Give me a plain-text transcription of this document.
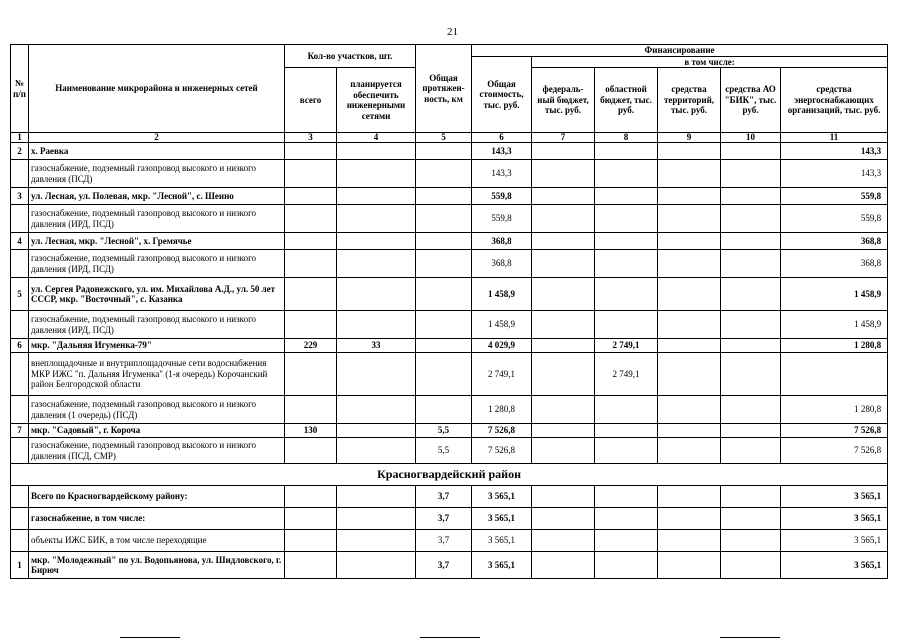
21
№ п/п	Наименование микрорайона и инженерных сетей	Кол-во участков, шт.		Общая протяжен-ность, км	Финансирование					
					Общая стоимость, тыс. руб.	в том числе:				
		всего	планируется обеспечить инженерными сетями			федераль-ный бюджет, тыс. руб.	областной бюджет, тыс. руб.	средства территорий, тыс. руб.	средства АО "БИК", тыс. руб.	средства энергоснабжающих организаций, тыс. руб.
1	2	3	4	5	6	7	8	9	10	11
2	х. Раевка				143,3					143,3
	газоснабжение, подземный газопровод высокого и низкого давления (ПСД)				143,3					143,3
3	ул. Лесная, ул. Полевая, мкр. "Лесной", с. Шеино				559,8					559,8
	газоснабжение, подземный газопровод высокого и низкого давления (ИРД, ПСД)				559,8					559,8
4	ул. Лесная, мкр. "Лесной", х. Гремячье				368,8					368,8
	газоснабжение, подземный газопровод высокого и низкого давления (ИРД, ПСД)				368,8					368,8
5	ул. Сергея Радонежского, ул. им. Михайлова А.Д., ул. 50 лет СССР, мкр. "Восточный", с. Казанка				1 458,9					1 458,9
	газоснабжение, подземный газопровод высокого и низкого давления (ИРД, ПСД)				1 458,9					1 458,9
6	мкр. "Дальняя Игуменка-79"	229	33		4 029,9		2 749,1			1 280,8
	внеплощадочные и внутриплощадочные сети водоснабжения МКР ИЖС "п. Дальняя Игуменка" (1-я очередь) Корочанский район Белгородской области				2 749,1		2 749,1			
	газоснабжение, подземный газопровод высокого и низкого давления (1 очередь) (ПСД)				1 280,8					1 280,8
7	мкр. "Садовый", г. Короча	130		5,5	7 526,8					7 526,8
	газоснабжение, подземный газопровод высокого и низкого давления (ПСД, СМР)			5,5	7 526,8					7 526,8
Красногвардейский район										
	Всего по Красногвардейскому району:			3,7	3 565,1					3 565,1
	газоснабжение, в том числе:			3,7	3 565,1					3 565,1
	объекты ИЖС БИК, в том числе переходящие			3,7	3 565,1					3 565,1
1	мкр. "Молодежный" по ул. Водопьянова, ул. Шидловского, г. Бирюч			3,7	3 565,1					3 565,1
